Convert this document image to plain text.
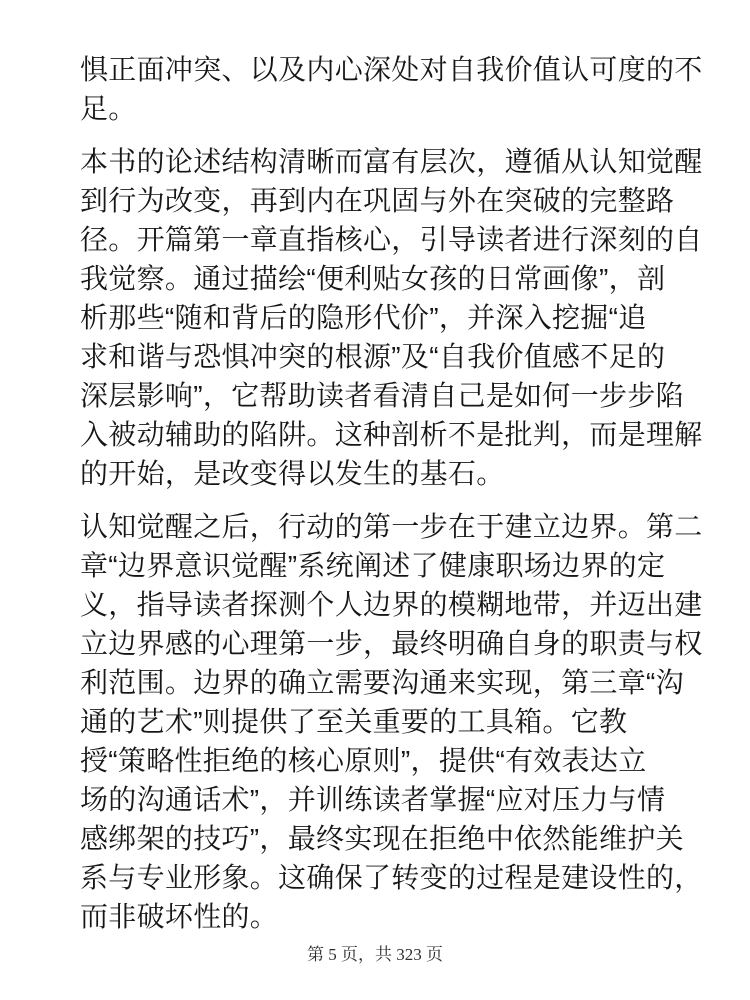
惧正面冲突、以及内心深处对自我价值认可度的不
足。
本书的论述结构清晰而富有层次，遵循从认知觉醒
到行为改变，再到内在巩固与外在突破的完整路
径。开篇第一章直指核心，引导读者进行深刻的自
我觉察。通过描绘“便利贴女孩的日常画像”，剖
析那些“随和背后的隐形代价”，并深入挖掘“追
求和谐与恐惧冲突的根源”及“自我价值感不足的
深层影响”，它帮助读者看清自己是如何一步步陷
入被动辅助的陷阱。这种剖析不是批判，而是理解
的开始，是改变得以发生的基石。
认知觉醒之后，行动的第一步在于建立边界。第二
章“边界意识觉醒”系统阐述了健康职场边界的定
义，指导读者探测个人边界的模糊地带，并迈出建
立边界感的心理第一步，最终明确自身的职责与权
利范围。边界的确立需要沟通来实现，第三章“沟
通的艺术”则提供了至关重要的工具箱。它教
授“策略性拒绝的核心原则”，提供“有效表达立
场的沟通话术”，并训练读者掌握“应对压力与情
感绑架的技巧”，最终实现在拒绝中依然能维护关
系与专业形象。这确保了转变的过程是建设性的，
而非破坏性的。
第 5 页，共 323 页
